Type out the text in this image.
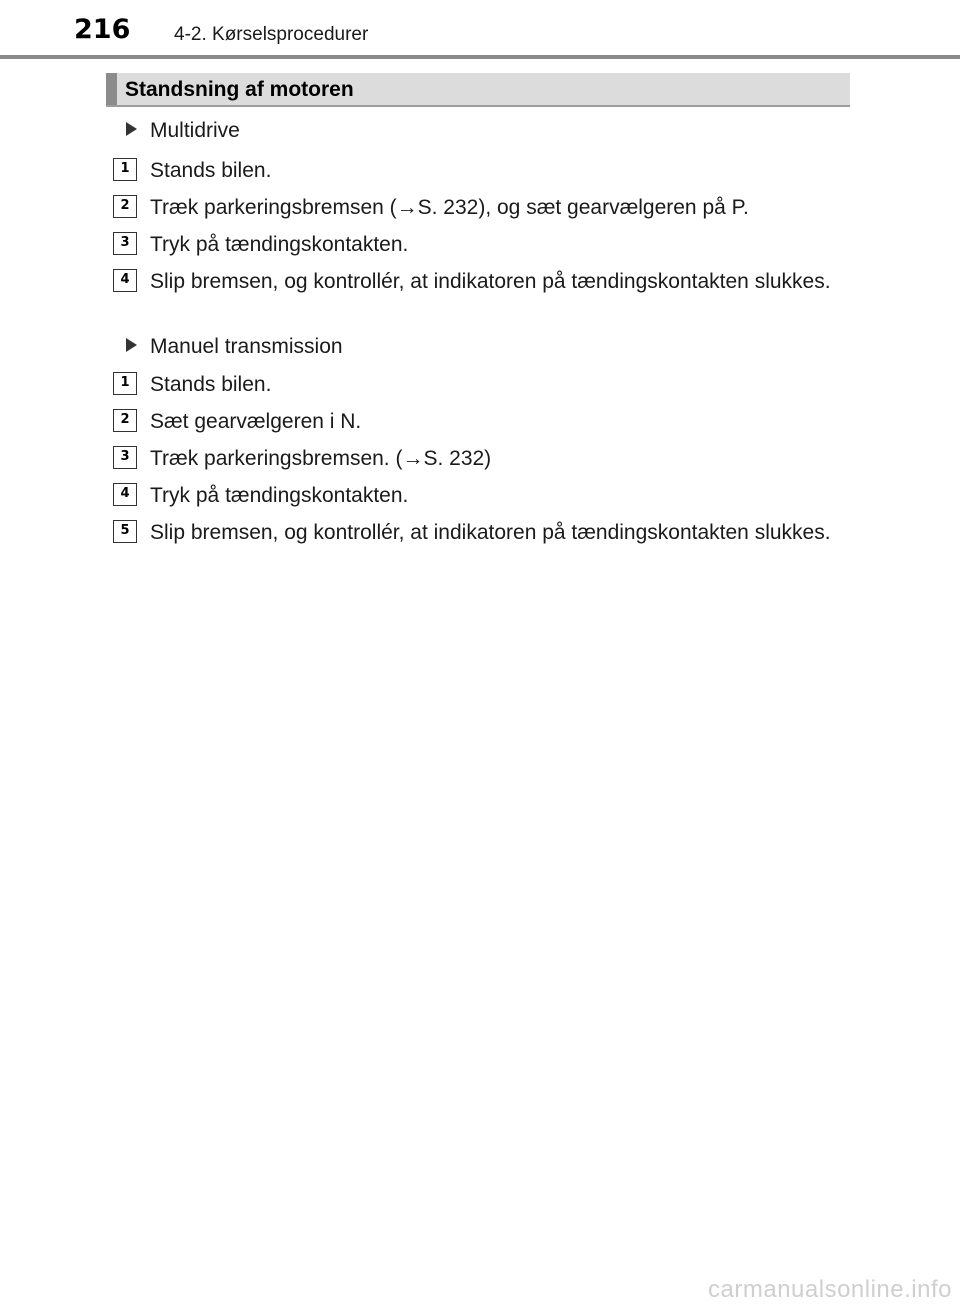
216 4-2. Kørselsprocedurer
Standsning af motoren
Multidrive
1 Stands bilen.
2 Træk parkeringsbremsen (→S. 232), og sæt gearvælgeren på P.
3 Tryk på tændingskontakten.
4 Slip bremsen, og kontrollér, at indikatoren på tændingskontakten slukkes.
Manuel transmission
1 Stands bilen.
2 Sæt gearvælgeren i N.
3 Træk parkeringsbremsen. (→S. 232)
4 Tryk på tændingskontakten.
5 Slip bremsen, og kontrollér, at indikatoren på tændingskontakten slukkes.
carmanualsonline.info
